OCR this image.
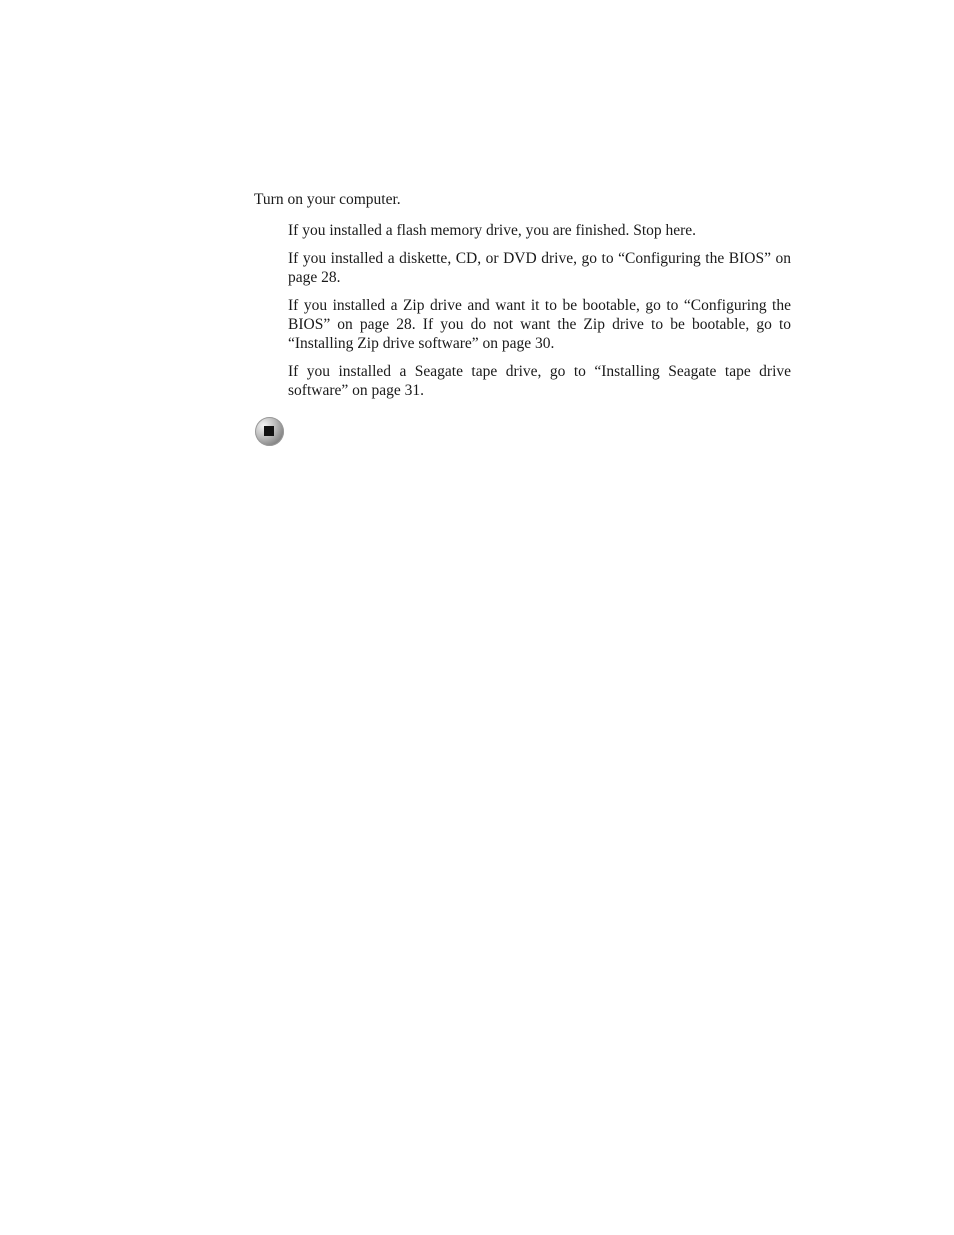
Turn on your computer.

If you installed a flash memory drive, you are finished. Stop here.
If you installed a diskette, CD, or DVD drive, go to “Configuring the BIOS” on page 28.
If you installed a Zip drive and want it to be bootable, go to “Configuring the BIOS” on page 28. If you do not want the Zip drive to be bootable, go to “Installing Zip drive software” on page 30.
If you installed a Seagate tape drive, go to “Installing Seagate tape drive software” on page 31.
